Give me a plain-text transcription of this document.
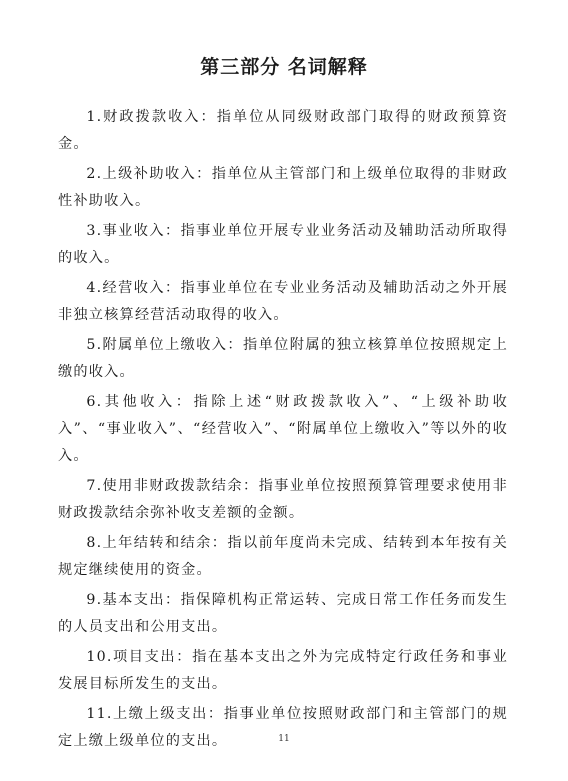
第三部分 名词解释

1.财政拨款收入：指单位从同级财政部门取得的财政预算资金。

2.上级补助收入：指单位从主管部门和上级单位取得的非财政性补助收入。

3.事业收入：指事业单位开展专业业务活动及辅助活动所取得的收入。

4.经营收入：指事业单位在专业业务活动及辅助活动之外开展非独立核算经营活动取得的收入。

5.附属单位上缴收入：指单位附属的独立核算单位按照规定上缴的收入。

6.其他收入：指除上述“财政拨款收入”、“上级补助收入”、“事业收入”、“经营收入”、“附属单位上缴收入”等以外的收入。

7.使用非财政拨款结余：指事业单位按照预算管理要求使用非财政拨款结余弥补收支差额的金额。

8.上年结转和结余：指以前年度尚未完成、结转到本年按有关规定继续使用的资金。

9.基本支出：指保障机构正常运转、完成日常工作任务而发生的人员支出和公用支出。

10.项目支出：指在基本支出之外为完成特定行政任务和事业发展目标所发生的支出。

11.上缴上级支出：指事业单位按照财政部门和主管部门的规定上缴上级单位的支出。	11
